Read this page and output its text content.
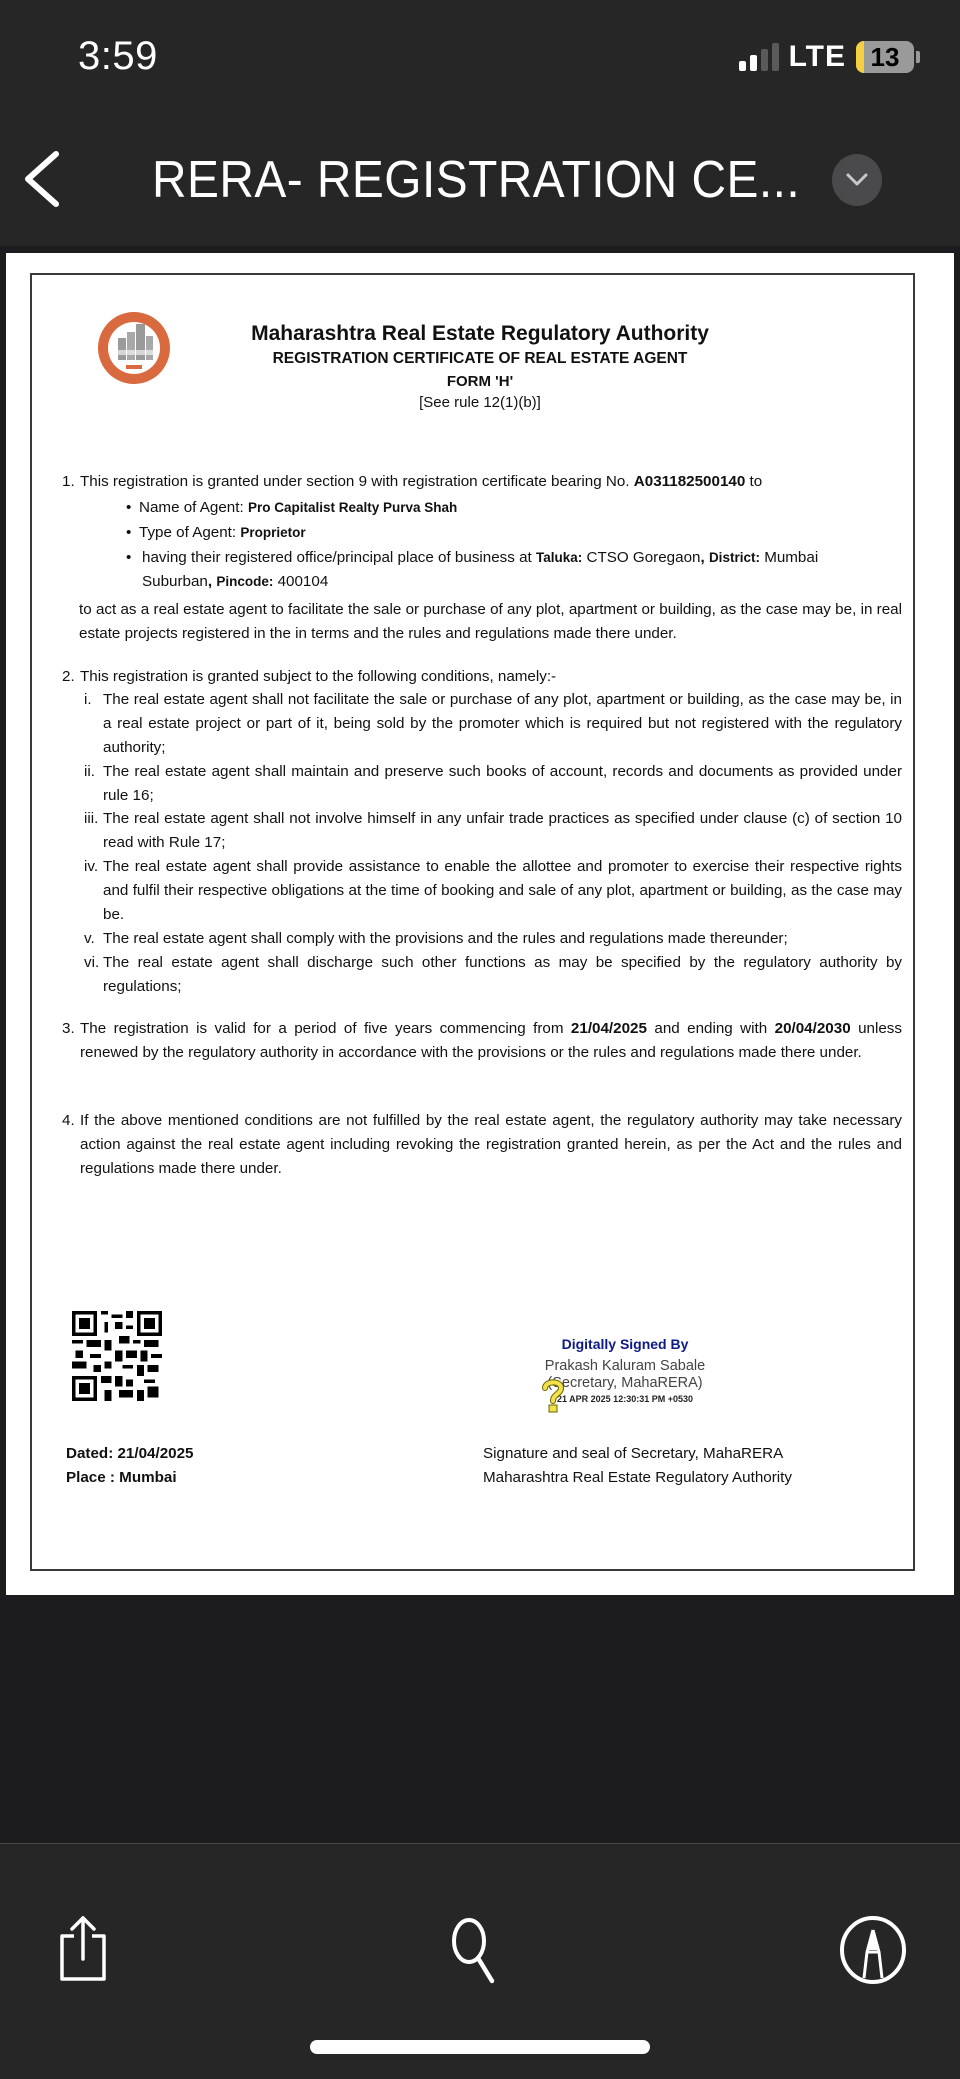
3:59	LTE 13
RERA- REGISTRATION CE...
Maharashtra Real Estate Regulatory Authority
REGISTRATION CERTIFICATE OF REAL ESTATE AGENT
FORM 'H'
[See rule 12(1)(b)]
1. This registration is granted under section 9 with registration certificate bearing No. A031182500140 to
• Name of Agent: Pro Capitalist Realty Purva Shah
• Type of Agent: Proprietor
• having their registered office/principal place of business at Taluka: CTSO Goregaon, District: Mumbai Suburban, Pincode: 400104
to act as a real estate agent to facilitate the sale or purchase of any plot, apartment or building, as the case may be, in real estate projects registered in the in terms and the rules and regulations made there under.
2. This registration is granted subject to the following conditions, namely:-
i. The real estate agent shall not facilitate the sale or purchase of any plot, apartment or building, as the case may be, in a real estate project or part of it, being sold by the promoter which is required but not registered with the regulatory authority;
ii. The real estate agent shall maintain and preserve such books of account, records and documents as provided under rule 16;
iii. The real estate agent shall not involve himself in any unfair trade practices as specified under clause (c) of section 10 read with Rule 17;
iv. The real estate agent shall provide assistance to enable the allottee and promoter to exercise their respective rights and fulfil their respective obligations at the time of booking and sale of any plot, apartment or building, as the case may be.
v. The real estate agent shall comply with the provisions and the rules and regulations made thereunder;
vi. The real estate agent shall discharge such other functions as may be specified by the regulatory authority by regulations;
3. The registration is valid for a period of five years commencing from 21/04/2025 and ending with 20/04/2030 unless renewed by the regulatory authority in accordance with the provisions or the rules and regulations made there under.
4. If the above mentioned conditions are not fulfilled by the real estate agent, the regulatory authority may take necessary action against the real estate agent including revoking the registration granted herein, as per the Act and the rules and regulations made there under.
Digitally Signed By
Prakash Kaluram Sabale
(Secretary, MahaRERA)
21 APR 2025 12:30:31 PM +0530
Dated: 21/04/2025
Place : Mumbai
Signature and seal of Secretary, MahaRERA
Maharashtra Real Estate Regulatory Authority
